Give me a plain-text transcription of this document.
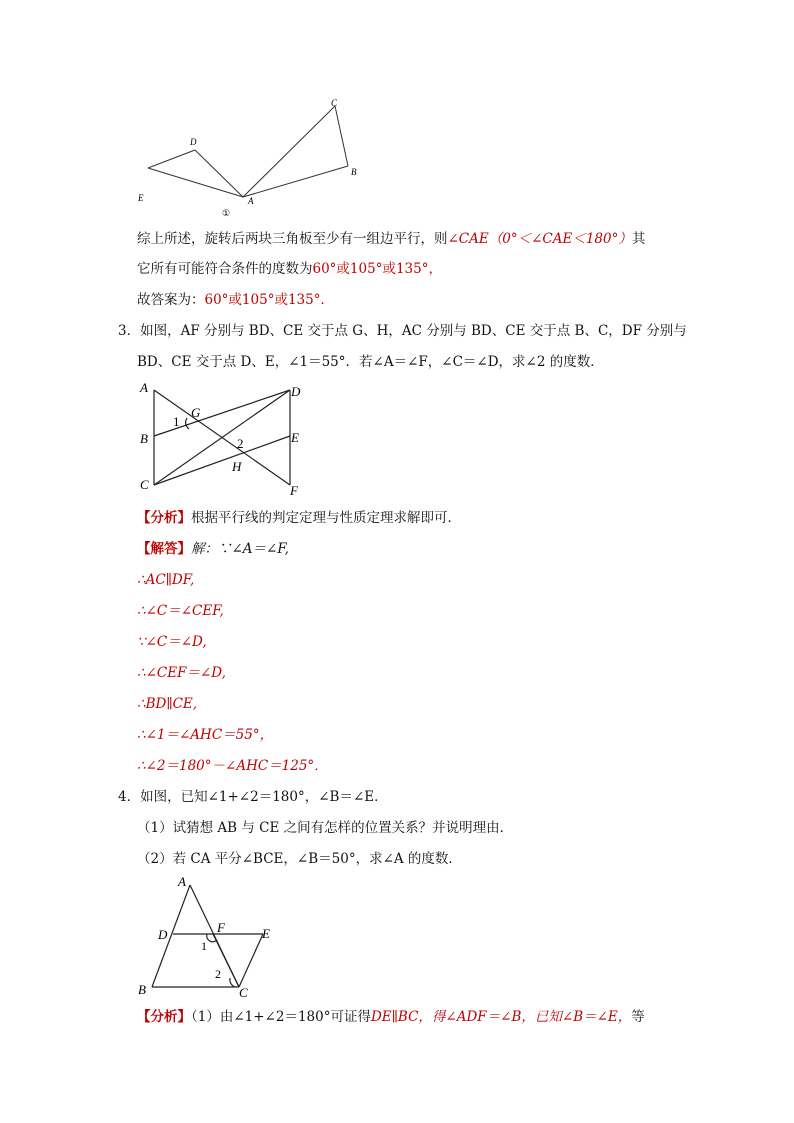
C
D
B
E	A
①
综上所述，旋转后两块三角板至少有一组边平行，则∠CAE（0°＜∠CAE＜180°）其
它所有可能符合条件的度数为60°或105°或135°，
故答案为：60°或105°或135°．
3．如图，AF 分别与 BD、CE 交于点 G、H，AC 分别与 BD、CE 交于点 B、C，DF 分别与
BD、CE 交于点 D、E，∠1＝55°．若∠A＝∠F，∠C＝∠D，求∠2 的度数．
A	D
1
G
B	2	E
H
C	F
【分析】根据平行线的判定定理与性质定理求解即可．
【解答】解：∵∠A＝∠F,
∴AC∥DF,
∴∠C＝∠CEF,
∵∠C＝∠D,
∴∠CEF＝∠D,
∴BD∥CE,
∴∠1＝∠AHC＝55°，
∴∠2＝180°－∠AHC＝125°．
4．如图，已知∠1+∠2＝180°，∠B＝∠E．
（1）试猜想 AB 与 CE 之间有怎样的位置关系？并说明理由．
（2）若 CA 平分∠BCE，∠B＝50°，求∠A 的度数．
A
D	F	E
1
2
B	C
【分析】（1）由∠1+∠2＝180°可证得DE∥BC，得∠ADF＝∠B，已知∠B＝∠E，等
